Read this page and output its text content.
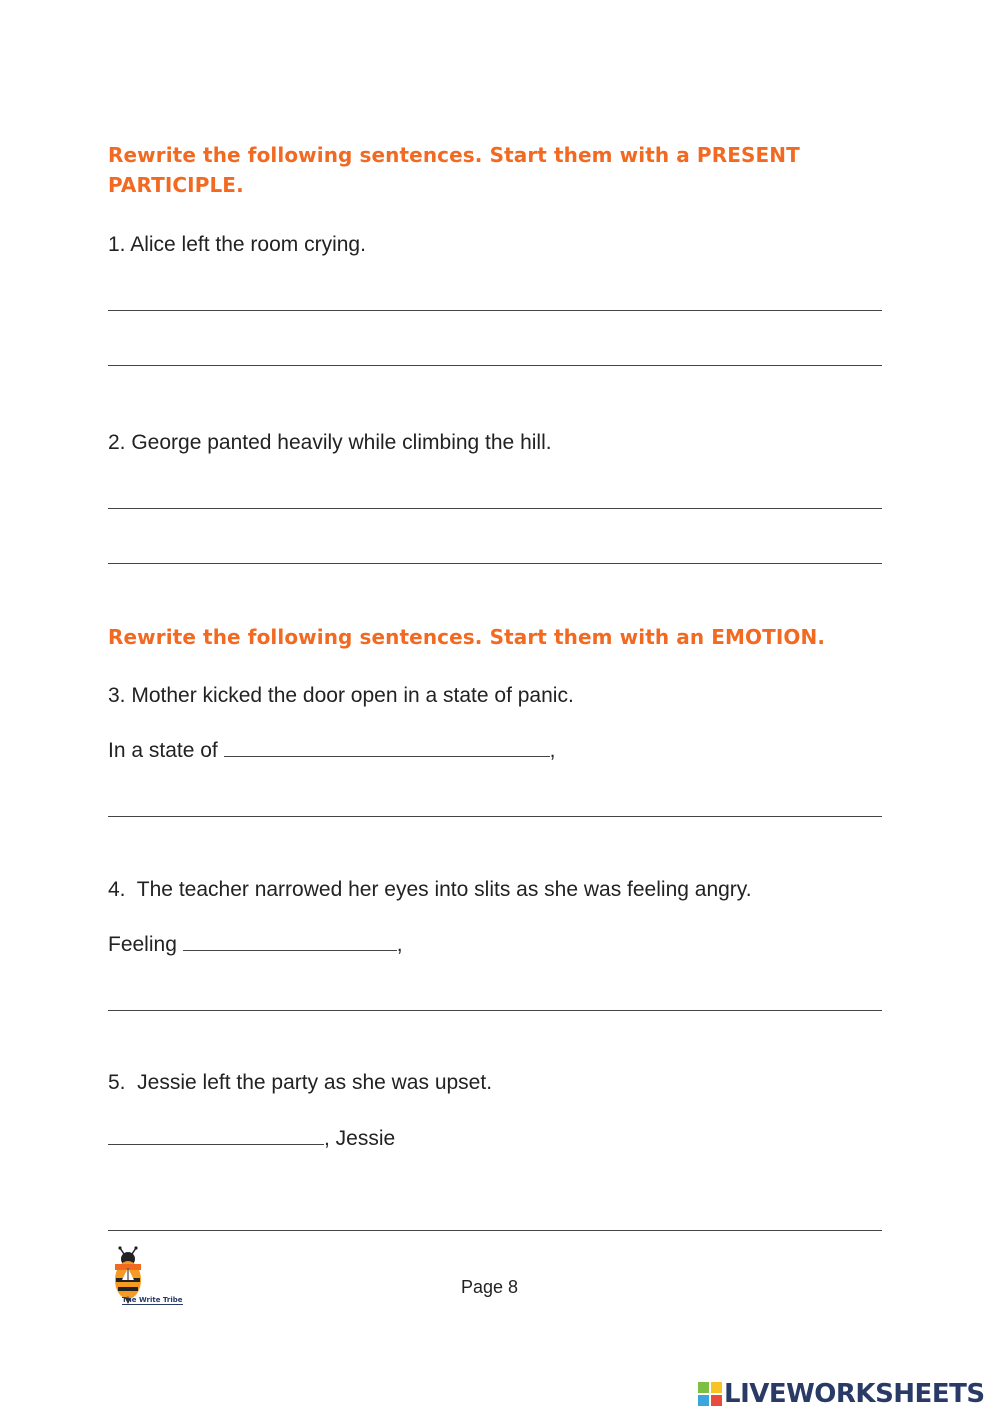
Rewrite the following sentences. Start them with a PRESENT PARTICIPLE.
1. Alice left the room crying.
2. George panted heavily while climbing the hill.
Rewrite the following sentences. Start them with an EMOTION.
3. Mother kicked the door open in a state of panic.
In a state of	,
4.  The teacher narrowed her eyes into slits as she was feeling angry.
Feeling	,
5.  Jessie left the party as she was upset.
, Jessie
The Write Tribe
Page 8
LIVEWORKSHEETS
